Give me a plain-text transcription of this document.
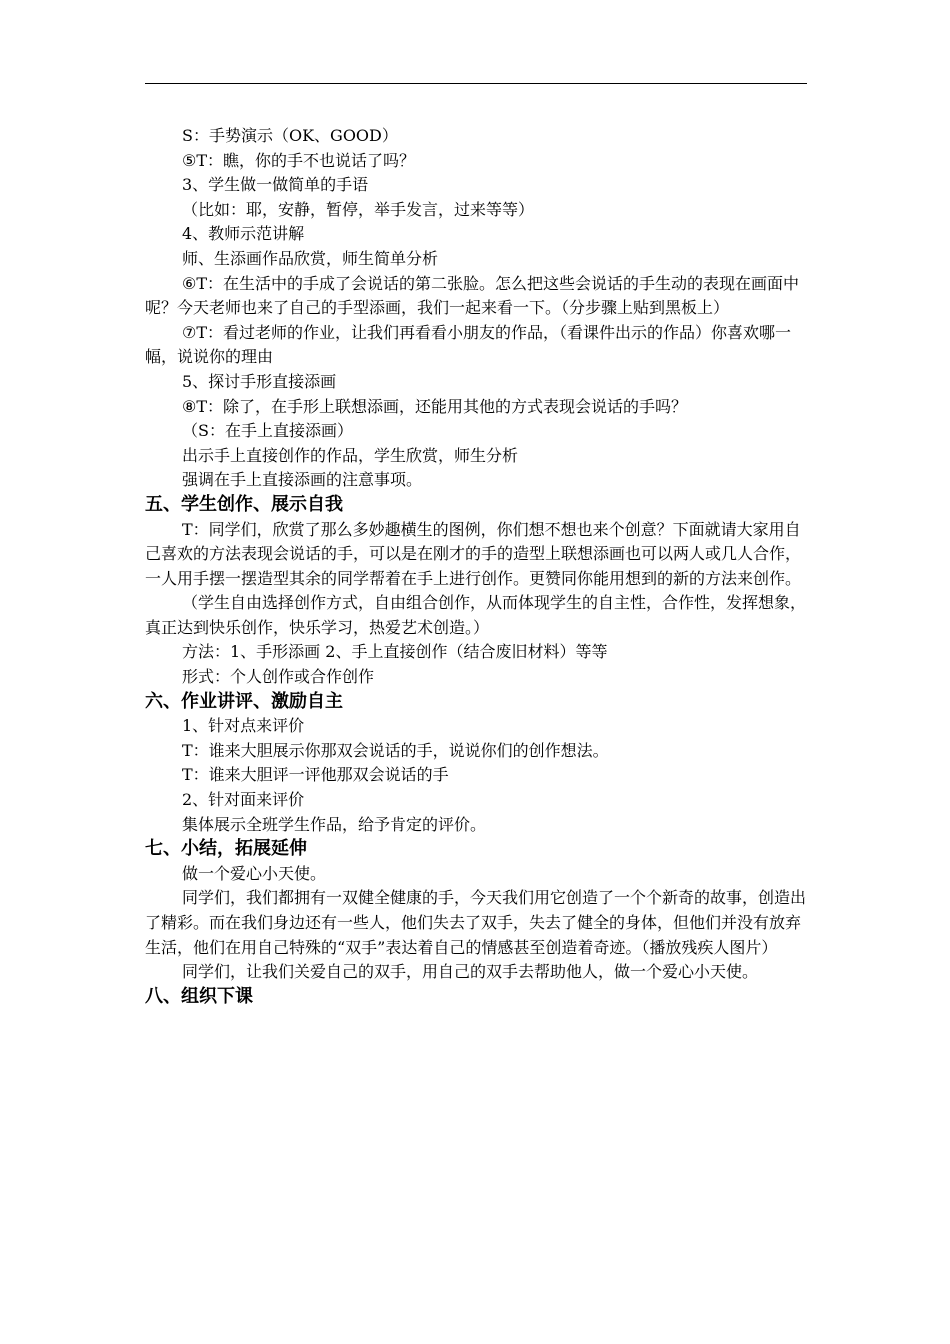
S：手势演示（OK、GOOD）

⑤T：瞧，你的手不也说话了吗？

3、学生做一做简单的手语

（比如：耶，安静，暂停，举手发言，过来等等）

4、教师示范讲解

师、生添画作品欣赏，师生简单分析

⑥T：在生活中的手成了会说话的第二张脸。怎么把这些会说话的手生动的表现在画面中呢？今天老师也来了自己的手型添画，我们一起来看一下。（分步骤上贴到黑板上）

⑦T：看过老师的作业，让我们再看看小朋友的作品，（看课件出示的作品）你喜欢哪一幅，说说你的理由

5、探讨手形直接添画

⑧T：除了，在手形上联想添画，还能用其他的方式表现会说话的手吗？

（S：在手上直接添画）

出示手上直接创作的作品，学生欣赏，师生分析

强调在手上直接添画的注意事项。

五、学生创作、展示自我

T：同学们，欣赏了那么多妙趣横生的图例，你们想不想也来个创意？下面就请大家用自己喜欢的方法表现会说话的手，可以是在刚才的手的造型上联想添画也可以两人或几人合作，一人用手摆一摆造型其余的同学帮着在手上进行创作。更赞同你能用想到的新的方法来创作。

（学生自由选择创作方式，自由组合创作，从而体现学生的自主性，合作性，发挥想象，真正达到快乐创作，快乐学习，热爱艺术创造。）

方法：1、手形添画 2、手上直接创作（结合废旧材料）等等

形式：个人创作或合作创作

六、作业讲评、激励自主

1、针对点来评价

T：谁来大胆展示你那双会说话的手，说说你们的创作想法。

T：谁来大胆评一评他那双会说话的手

2、针对面来评价

集体展示全班学生作品，给予肯定的评价。

七、小结，拓展延伸

做一个爱心小天使。

同学们，我们都拥有一双健全健康的手，今天我们用它创造了一个个新奇的故事，创造出了精彩。而在我们身边还有一些人，他们失去了双手，失去了健全的身体，但他们并没有放弃生活，他们在用自己特殊的“双手”表达着自己的情感甚至创造着奇迹。（播放残疾人图片）

同学们，让我们关爱自己的双手，用自己的双手去帮助他人，做一个爱心小天使。

八、组织下课
